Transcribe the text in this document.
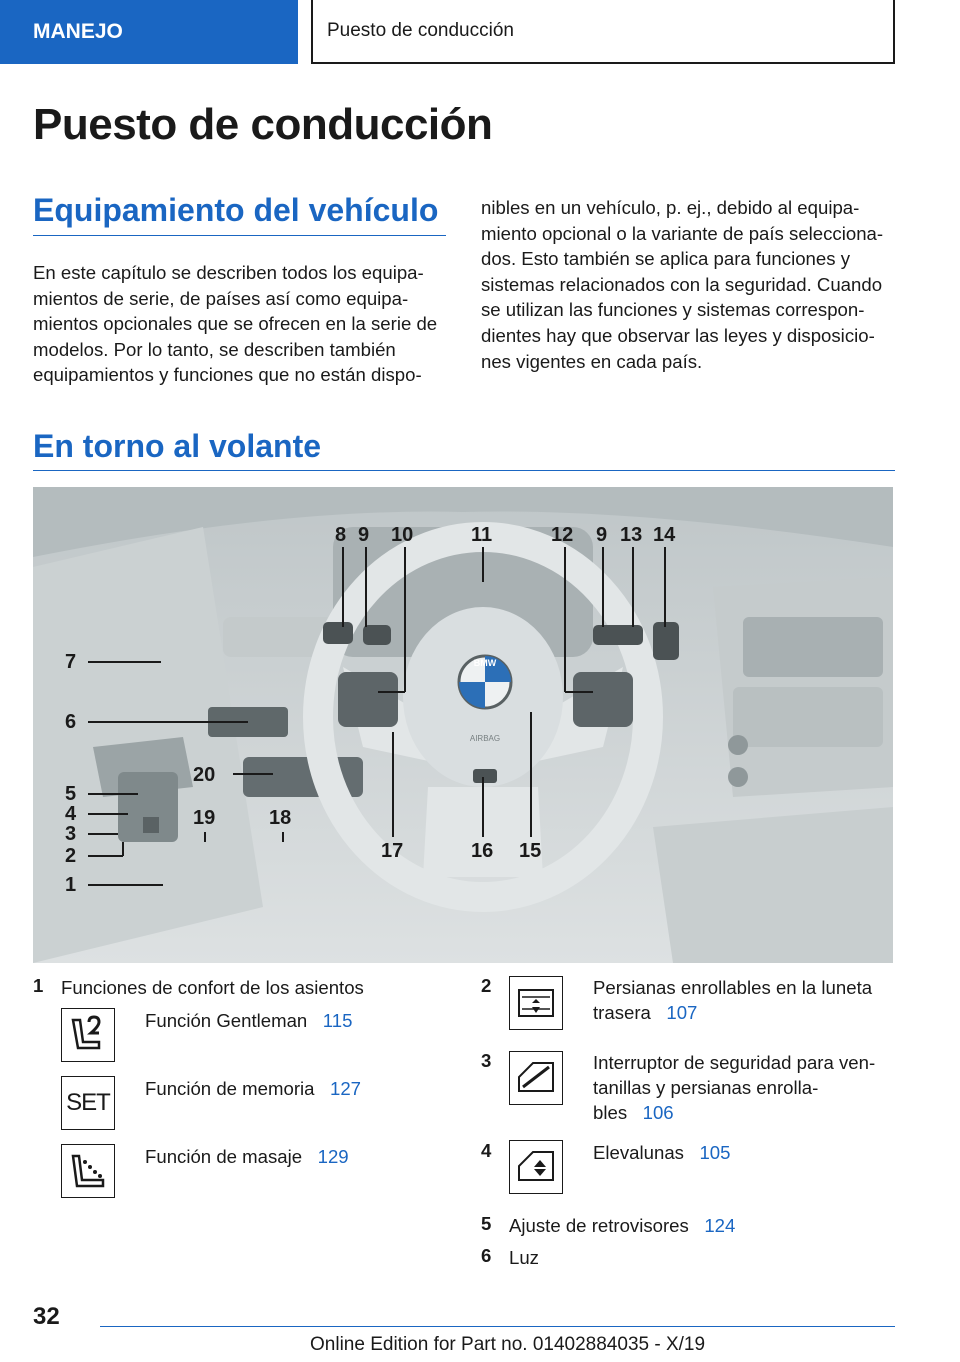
MANEJO	Puesto de conducción
Puesto de conducción
Equipamiento del vehículo
En este capítulo se describen todos los equipa-
mientos de serie, de países así como equipa-
mientos opcionales que se ofrecen en la serie de
modelos. Por lo tanto, se describen también
equipamientos y funciones que no están dispo-
nibles en un vehículo, p. ej., debido al equipa-
miento opcional o la variante de país selecciona-
dos. Esto también se aplica para funciones y
sistemas relacionados con la seguridad. Cuando
se utilizan las funciones y sistemas correspon-
dientes hay que observar las leyes y disposicio-
nes vigentes en cada país.
En torno al volante
BMW
AIRBAG
8 9 10	11	12 9 13 14
7
6
20
5
4
3
2
1
19	18
17	16 15
1 Funciones de confort de los asientos
Función Gentleman 115
SET
Función de memoria 127
Función de masaje 129
2	Persianas enrollables en la luneta
trasera 107
3	Interruptor de seguridad para ven-
tanillas y persianas enrolla-
bles 106
4	Elevalunas 105
5 Ajuste de retrovisores 124
6 Luz
32
Online Edition for Part no. 01402884035 - X/19
